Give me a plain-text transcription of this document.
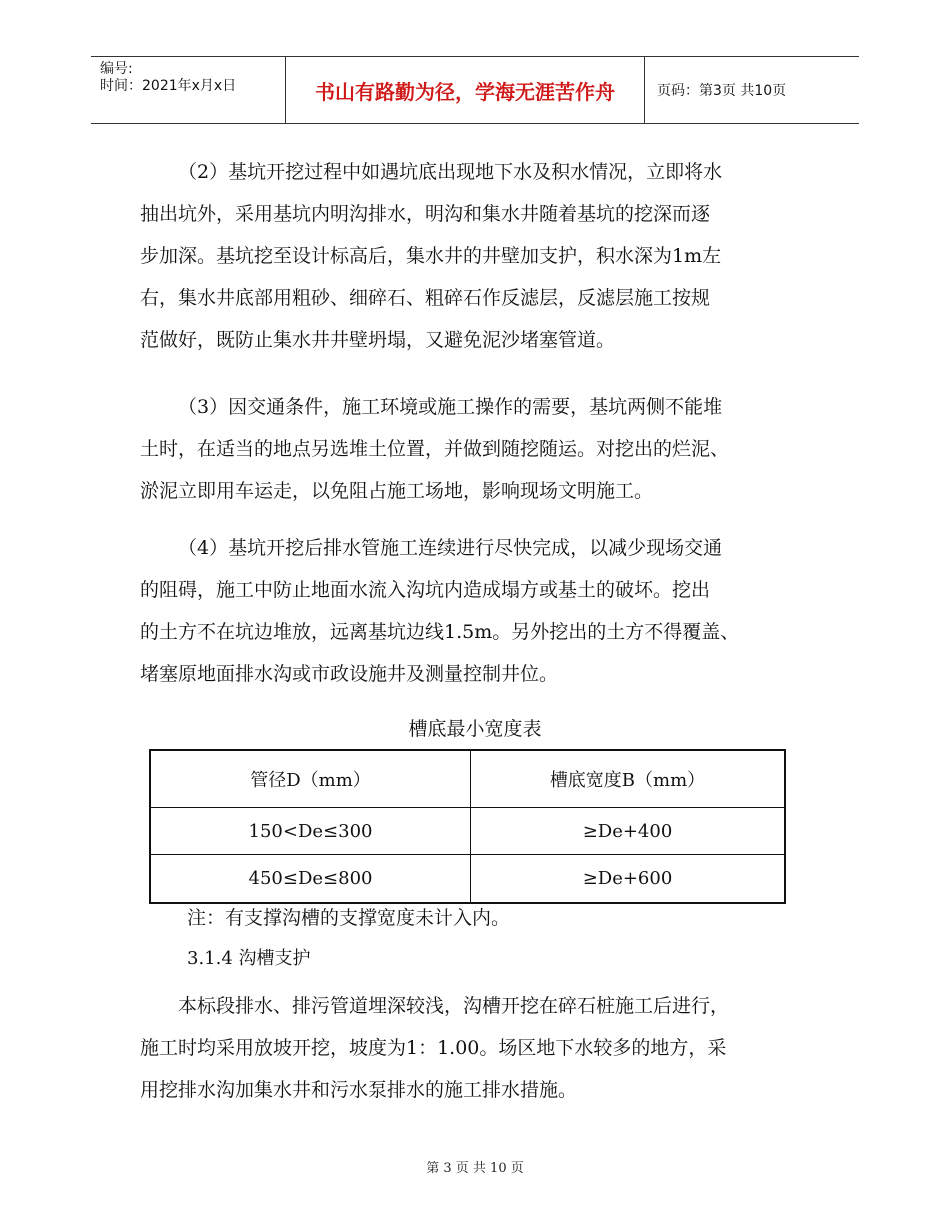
编号:
时间：2021年x月x日	书山有路勤为径，学海无涯苦作舟	页码：第3页 共10页
（2）基坑开挖过程中如遇坑底出现地下水及积水情况，立即将水
抽出坑外，采用基坑内明沟排水，明沟和集水井随着基坑的挖深而逐
步加深。基坑挖至设计标高后，集水井的井壁加支护，积水深为1m左
右，集水井底部用粗砂、细碎石、粗碎石作反滤层，反滤层施工按规
范做好，既防止集水井井壁坍塌，又避免泥沙堵塞管道。
（3）因交通条件，施工环境或施工操作的需要，基坑两侧不能堆
土时，在适当的地点另选堆土位置，并做到随挖随运。对挖出的烂泥、
淤泥立即用车运走，以免阻占施工场地，影响现场文明施工。
（4）基坑开挖后排水管施工连续进行尽快完成，以减少现场交通
的阻碍，施工中防止地面水流入沟坑内造成塌方或基土的破坏。挖出
的土方不在坑边堆放，远离基坑边线1.5m。另外挖出的土方不得覆盖、
堵塞原地面排水沟或市政设施井及测量控制井位。
槽底最小宽度表
管径D（mm）	槽底宽度B（mm）
150<De≤300	≥De+400
450≤De≤800	≥De+600
注：有支撑沟槽的支撑宽度未计入内。
3.1.4 沟槽支护
本标段排水、排污管道埋深较浅，沟槽开挖在碎石桩施工后进行，
施工时均采用放坡开挖，坡度为1：1.00。场区地下水较多的地方，采
用挖排水沟加集水井和污水泵排水的施工排水措施。
第 3 页 共 10 页
